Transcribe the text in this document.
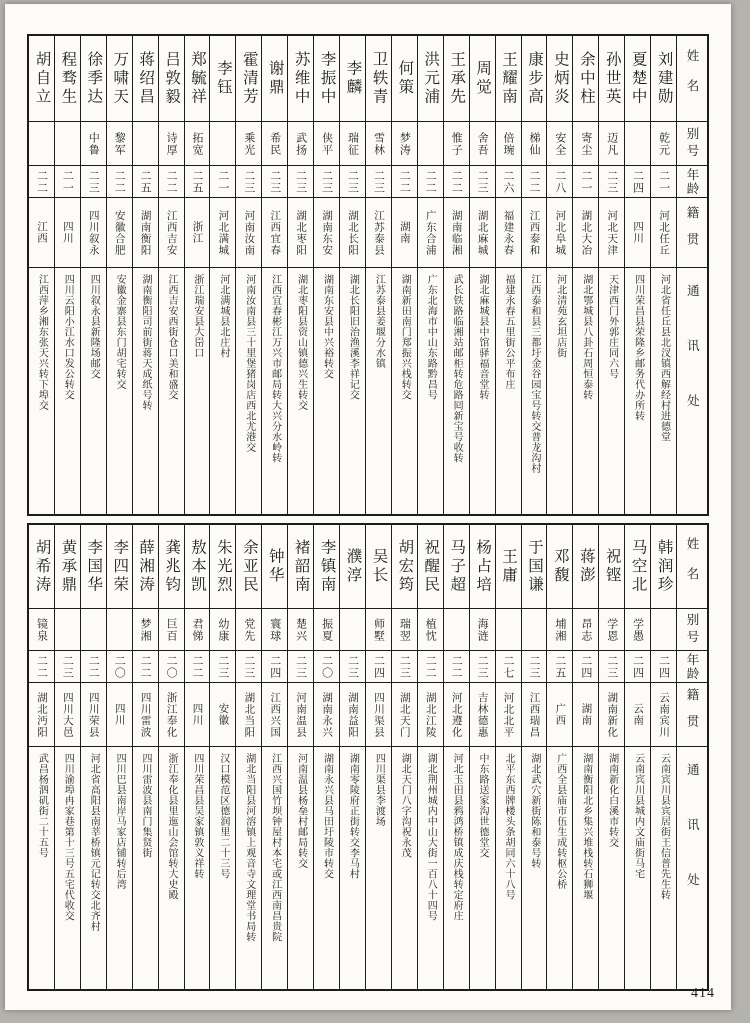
胡自立
二二
江西
江西萍乡湘东张天兴转下埠交
程骛生
二一
四川
四川云阳小江水口发公转交
徐季达
中鲁
二三
四川叙永
四川叙永县新隆场邮交
万啸天
黎军
二二
安徽合肥
安徽金寨县东门胡宅转交
蒋绍昌
二五
湖南衡阳
湖南衡阳司前街蒋天成纸号转
吕敦毅
诗厚
二二
江西吉安
江西吉安西街仓口美和盛交
郑毓祥
拓宽
二五
浙江
浙江瑞安县大岊口
李钰
二一
河北满城
河北满城县北庄村
霍清芳
乘光
二三
河南汝南
河南汝南县三十里堡猪岗店西北尤港交
谢鼎
希民
二三
江西宜春
江西宜春彬江万兴市邮局转大兴分水岭转
苏维中
武扬
二三
湖北枣阳
湖北枣阳县资山镇德兴生转交
李振中
侠平
二三
湖南东安
湖南东安县中兴裕转交
李麟
瑞征
二三
湖北长阳
湖北长阳旧治渔溪李祥记交
卫轶青
雪林
二三
江苏泰县
江苏泰县姜堰分水镇
何策
梦涛
二二
湖南
湖南新田南门郑振兴栈转交
洪元浦
二二
广东合浦
广东北海市中山东路黔昌号
王承先
惟子
二二
湖南临湘
武长铁路临湘站邮柜转危路囘新宝号收转
周觉
舍吾
二三
湖北麻城
湖北麻城县中馆驿福音堂转
王耀南
倍琬
二六
福建永春
福建永春五里街公平布庄
康步高
梯仙
二二
江西泰和
江西泰和县三都圩金谷园宝号转交普龙沟村
史炳炎
安全
二八
河北阜城
河北清苑玄坦店街
余中柱
寄尘
二一
湖北大冶
湖北鄂城县八卦石周恒泰转
孙世英
迈凡
二三
河北天津
天津西门外郭庄同六号
夏楚中
二四
四川
四川荣昌县荣隆乡邮务代办所转
刘建勋
乾元
二一
河北任丘
河北省任丘县北汊镇西解经村进德堂
姓名
别号
年龄
籍贯
通讯处
胡希涛
镜泉
二二
湖北沔阳
武昌杨泗矶街二十五号
黄承鼎
二三
四川大邑
四川渝埠冉家巷第十三号五宅代收交
李国华
二二
四川荣县
河北省高阳县南莘桥镇元记转交北齐村
李四荣
二〇
四川
四川巴县南岸马家店铺转后湾
薛湘涛
梦湘
二二
四川雷波
四川雷波县南门集贤街
龚兆钧
巨百
二〇
浙江奉化
浙江奉化县里迤山会馆转大史殿
敖本凯
君悌
二二
四川
四川荣昌县吴家镇敦义祥转
朱光烈
幼康
二三
安徽
汉口模范区德润里二十三号
余亚民
党先
二三
湖北当阳
湖北当阳县河溶镇上观音寺文理堂书局转
钟华
寰球
二四
江西兴国
江西兴国竹坝钟屋村本宅或江西南昌贵院
褚韶南
楚兴
二三
河南温县
河南温县杨垒村邮局转交
李镇南
振夏
二〇
湖南永兴
湖南永兴县马田圩陵市转交
濮淳
二三
湖南益阳
湖南零陵府正街转交李马村
吴长
师墅
二四
四川渠县
四川渠县李渡场
胡宏筠
瑞翌
二三
湖北天门
湖北天门八字沟祝永茂
祝醒民
植忱
二二
湖北江陵
湖北荆州城内中山大街一百八十四号
马子超
二二
河北遵化
河北玉田县鸦鸿桥镇成庆栈转定府庄
杨占培
海涟
二三
吉林德惠
中东路送家沟世德堂交
王庸
二七
河北北平
北平东西牌楼头条胡同六十八号
于国谦
二三
江西瑞昌
湖北武穴新街陈和泰号转
邓馥
埔湘
二五
广西
广西全县庙市伍生成转枢公桥
蒋澎
昂志
二四
湖南
湖南衡阳北乡集兴堆栈转石狮堰
祝铿
学恩
二三
湖南新化
湖南新化白溪市转交
马空北
学愚
二四
云南
云南宾川县城内文庙街马宅
韩润珍
二四
云南宾川
云南宾川县宾居街王信普先生转
姓名
别号
年龄
籍贯
通讯处
414
